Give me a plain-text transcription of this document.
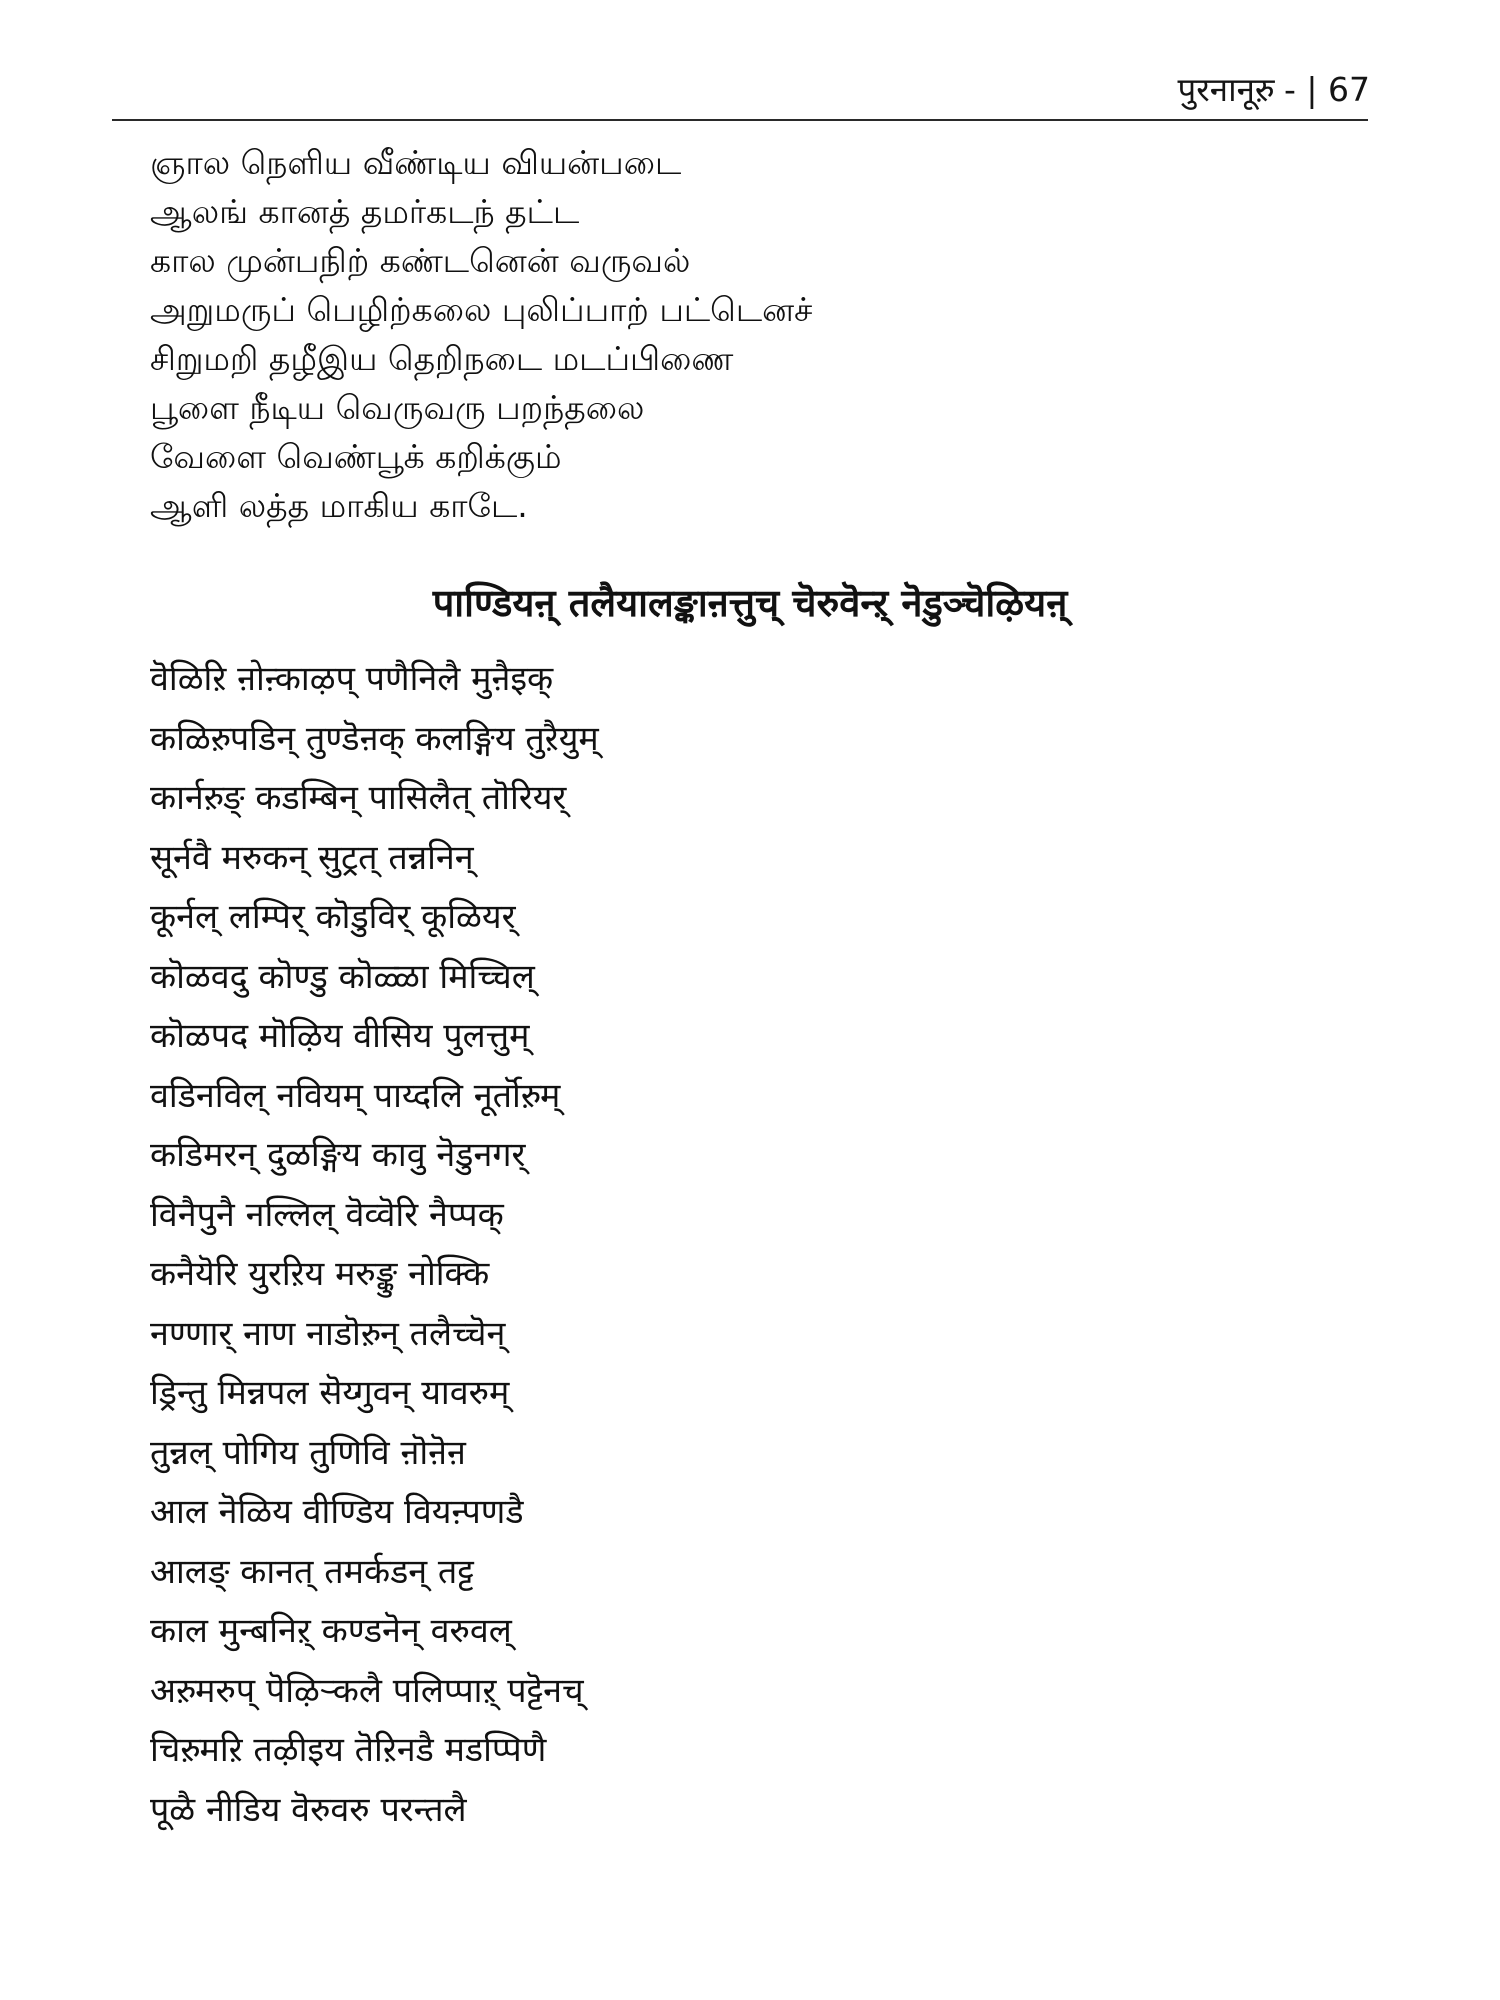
पुरनानूऱु - | 67
ஞால நெளிய வீண்டிய வியன்படை
ஆலங் கானத் தமர்கடந் தட்ட
கால முன்பநிற் கண்டனென் வருவல்
அறுமருப் பெழிற்கலை புலிப்பாற் பட்டெனச்
சிறுமறி தழீஇய தெறிநடை மடப்பிணை
பூளை நீடிய வெருவரு பறந்தலை
வேளை வெண்பூக் கறிக்கும்
ஆளி லத்த மாகிய காடே.
पाण्डियऩ् तलैयालङ्काऩत्तुच् चॆरुवॆन्ऱ् नॆडुञ्चॆऴियऩ्
वॆळिऱि ऩोऩ्काऴप् पणैनिलै मुऩैइक्
कळिऱुपडिन् तुण्डॆऩक् कलङ्गिय तुऱैयुम्
कार्नऱुङ् कडम्बिन् पासिलैत् तॊरियर्
सूर्नवै मरुकन् सुट्रत् तन्ननिन्
कूर्नल् लम्पिर् कॊडुविर् कूळियर्
कॊळवदु कॊण्डु कॊळ्ळा मिच्चिल्
कॊळपद मॊऴिय वीसिय पुलत्तुम्
वडिनविल् नवियम् पाय्दलि नूर्तॊऱुम्
कडिमरन् दुळङ्गिय कावु नॆडुनगर्
विनैपुनै नल्लिल् वॆव्वॆरि नैप्पक्
कनैयॆरि युरऱिय मरुङ्कु नोक्कि
नण्णार् नाण नाडॊऱुन् तलैच्चॆन्
ड्रिन्तु मिन्नपल सॆय्गुवन् यावरुम्
तुन्नल् पोगिय तुणिवि ऩॊऩॆऩ
आल नॆळिय वीण्डिय वियऩ्पणडै
आलङ् कानत् तमर्कडन् तट्ट
काल मुन्बनिऱ् कण्डनॆन् वरुवल्
अऱुमरुप् पॆऴिऱ्कलै पलिप्पाऱ् पट्टॆनच्
चिऱुमऱि तऴीइय तॆऱिनडै मडप्पिणै
पूळै नीडिय वॆरुवरु परन्तलै
